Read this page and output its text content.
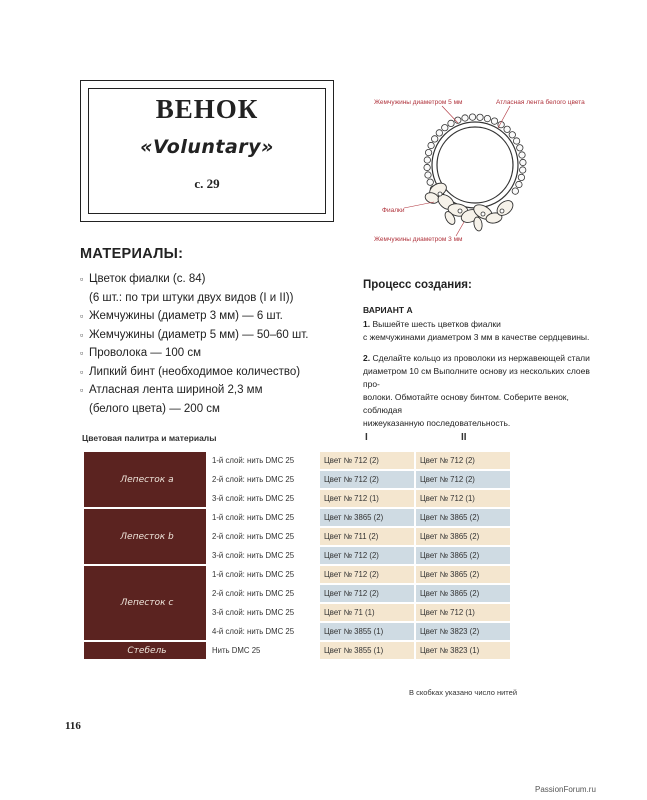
ВЕНОК
«Voluntary»
с. 29
МАТЕРИАЛЫ:
▫ Цветок фиалки (с. 84)
(6 шт.: по три штуки двух видов (I и II))
▫ Жемчужины (диаметр 3 мм) — 6 шт.
▫ Жемчужины (диаметр 5 мм) — 50–60 шт.
▫ Проволока — 100 см
▫ Липкий бинт (необходимое количество)
▫ Атласная лента шириной 2,3 мм
(белого цвета) — 200 см
Жемчужины диаметром 5 мм	Атласная лента белого цвета
Фиалки
Жемчужины диаметром 3 мм
Процесс создания:
ВАРИАНТ А
1. Вышейте шесть цветков фиалки
с жемчужинами диаметром 3 мм в качестве сердцевины.
2. Сделайте кольцо из проволоки из нержавеющей стали
диаметром 10 см Выполните основу из нескольких слоев про-
волоки. Обмотайте основу бинтом. Соберите венок, соблюдая
нижеуказанную последовательность.
Цветовая палитра и материалы	I	II
Лепесток а	1-й слой: нить DMC 25	Цвет № 712 (2)	Цвет № 712 (2)
	2-й слой: нить DMC 25	Цвет № 712 (2)	Цвет № 712 (2)
	3-й слой: нить DMC 25	Цвет № 712 (1)	Цвет № 712 (1)
Лепесток b	1-й слой: нить DMC 25	Цвет № 3865 (2)	Цвет № 3865 (2)
	2-й слой: нить DMC 25	Цвет № 711 (2)	Цвет № 3865 (2)
	3-й слой: нить DMC 25	Цвет № 712 (2)	Цвет № 3865 (2)
Лепесток с	1-й слой: нить DMC 25	Цвет № 712 (2)	Цвет № 3865 (2)
	2-й слой: нить DMC 25	Цвет № 712 (2)	Цвет № 3865 (2)
	3-й слой: нить DMC 25	Цвет № 71 (1)	Цвет № 712 (1)
	4-й слой: нить DMC 25	Цвет № 3855 (1)	Цвет № 3823 (2)
Стебель	Нить DMC 25	Цвет № 3855 (1)	Цвет № 3823 (1)
В скобках указано число нитей
116
PassionForum.ru
